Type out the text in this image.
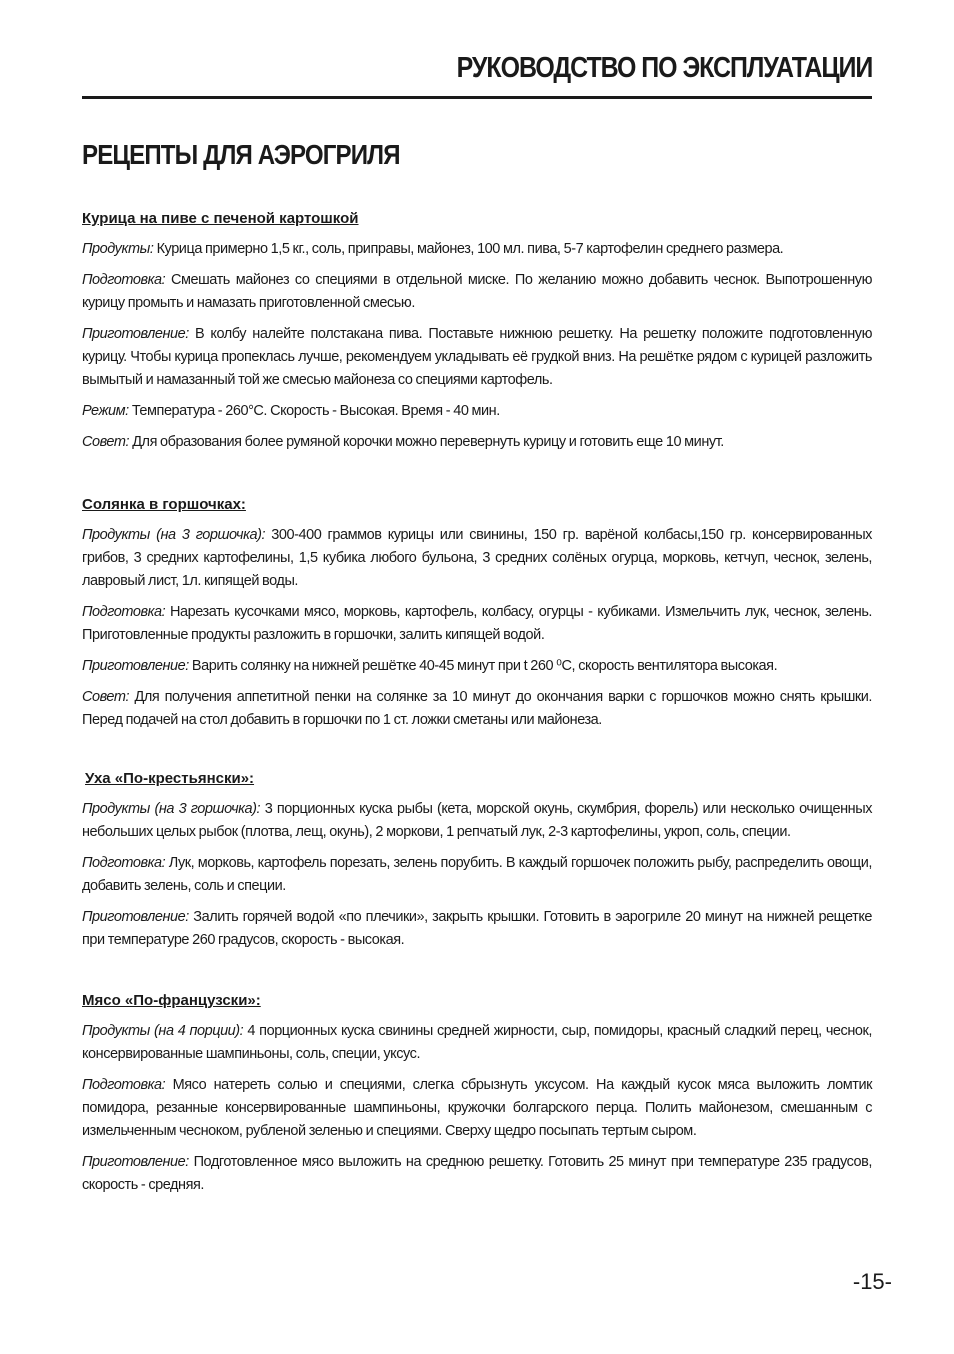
РУКОВОДСТВО ПО ЭКСПЛУАТАЦИИ
РЕЦЕПТЫ ДЛЯ АЭРОГРИЛЯ
Курица на пиве с печеной картошкой

Продукты: Курица примерно 1,5 кг., соль, приправы, майонез, 100 мл. пива, 5-7 картофелин среднего размера.

Подготовка: Смешать майонез со специями в отдельной миске. По желанию можно добавить чеснок. Выпотрошенную курицу промыть и намазать приготовленной смесью.

Приготовление: В колбу налейте полстакана пива. Поставьте нижнюю решетку. На решетку положите подготовленную курицу. Чтобы курица пропеклась лучше, рекомендуем укладывать её грудкой вниз. На решётке рядом с курицей разложить вымытый и намазанный той же смесью майонеза со специями картофель.

Режим: Температура - 260°С. Скорость - Высокая. Время - 40 мин.

Совет: Для образования более румяной корочки можно перевернуть курицу и готовить еще 10 минут.

Солянка в горшочках:

Продукты (на 3 горшочка): 300-400 граммов курицы или свинины, 150 гр. варёной колбасы,150 гр. консервированных грибов, 3 средних картофелины, 1,5 кубика любого бульона, 3 средних солёных огурца, морковь, кетчуп, чеснок, зелень, лавровый лист, 1л. кипящей воды.

Подготовка: Нарезать кусочками мясо, морковь, картофель, колбасу, огурцы - кубиками. Измельчить лук, чеснок, зелень. Приготовленные продукты разложить в горшочки, залить кипящей водой.

Приготовление: Варить солянку на нижней решётке 40-45 минут при t 260 ⁰С, скорость вентилятора высокая.

Совет: Для получения аппетитной пенки на солянке за 10 минут до окончания варки с горшочков можно снять крышки. Перед подачей на стол добавить в горшочки по 1 ст. ложки сметаны или майонеза.

Уха «По-крестьянски»:

Продукты (на 3 горшочка): 3 порционных куска рыбы (кета, морской окунь, скумбрия, форель) или несколько очищенных небольших целых рыбок (плотва, лещ, окунь), 2 моркови, 1 репчатый лук, 2-3 картофелины, укроп, соль, специи.

Подготовка: Лук, морковь, картофель порезать, зелень порубить. В каждый горшочек положить рыбу, распределить овощи, добавить зелень, соль и специи.

Приготовление: Залить горячей водой «по плечики», закрыть крышки. Готовить в эарогриле 20 минут на нижней рещетке при температуре 260 градусов, скорость - высокая.

Мясо «По-французски»:

Продукты (на 4 порции): 4 порционных куска свинины средней жирности, сыр, помидоры, красный сладкий перец, чеснок, консервированные шампиньоны, соль, специи, уксус.

Подготовка: Мясо натереть солью и специями, слегка сбрызнуть уксусом. На каждый кусок мяса выложить ломтик помидора, резанные консервированные шампиньоны, кружочки болгарского перца. Полить майонезом, смешанным с измельченным чесноком, рубленой зеленью и специями. Сверху щедро посыпать тертым сыром.

Приготовление: Подготовленное мясо выложить на среднюю решетку. Готовить 25 минут при температуре 235 градусов, скорость - средняя.

-15-
